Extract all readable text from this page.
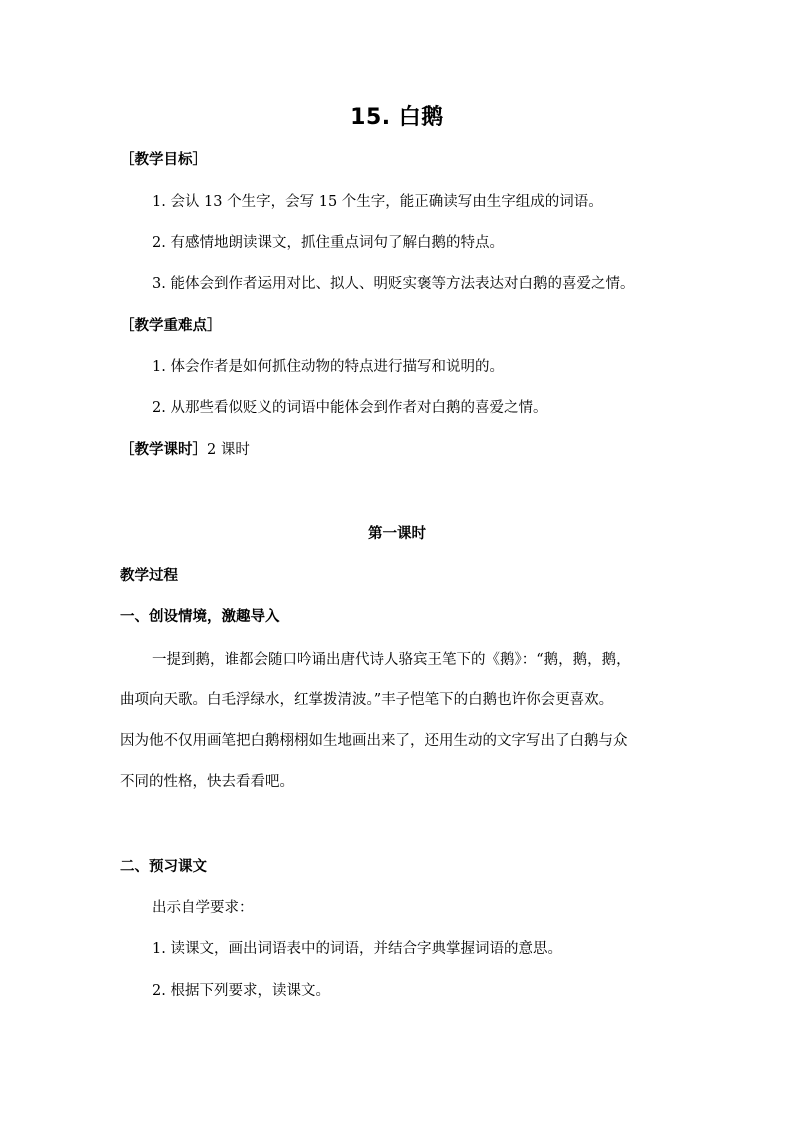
15. 白鹅
［教学目标］
1. 会认 13 个生字，会写 15 个生字，能正确读写由生字组成的词语。
2. 有感情地朗读课文，抓住重点词句了解白鹅的特点。
3. 能体会到作者运用对比、拟人、明贬实褒等方法表达对白鹅的喜爱之情。
［教学重难点］
1. 体会作者是如何抓住动物的特点进行描写和说明的。
2. 从那些看似贬义的词语中能体会到作者对白鹅的喜爱之情。
［教学课时］2 课时
第一课时
教学过程
一、创设情境，激趣导入
一提到鹅，谁都会随口吟诵出唐代诗人骆宾王笔下的《鹅》：“鹅，鹅，鹅，
曲项向天歌。白毛浮绿水，红掌拨清波。”丰子恺笔下的白鹅也许你会更喜欢。
因为他不仅用画笔把白鹅栩栩如生地画出来了，还用生动的文字写出了白鹅与众
不同的性格，快去看看吧。
二、预习课文
出示自学要求：
1. 读课文，画出词语表中的词语，并结合字典掌握词语的意思。
2. 根据下列要求，读课文。
